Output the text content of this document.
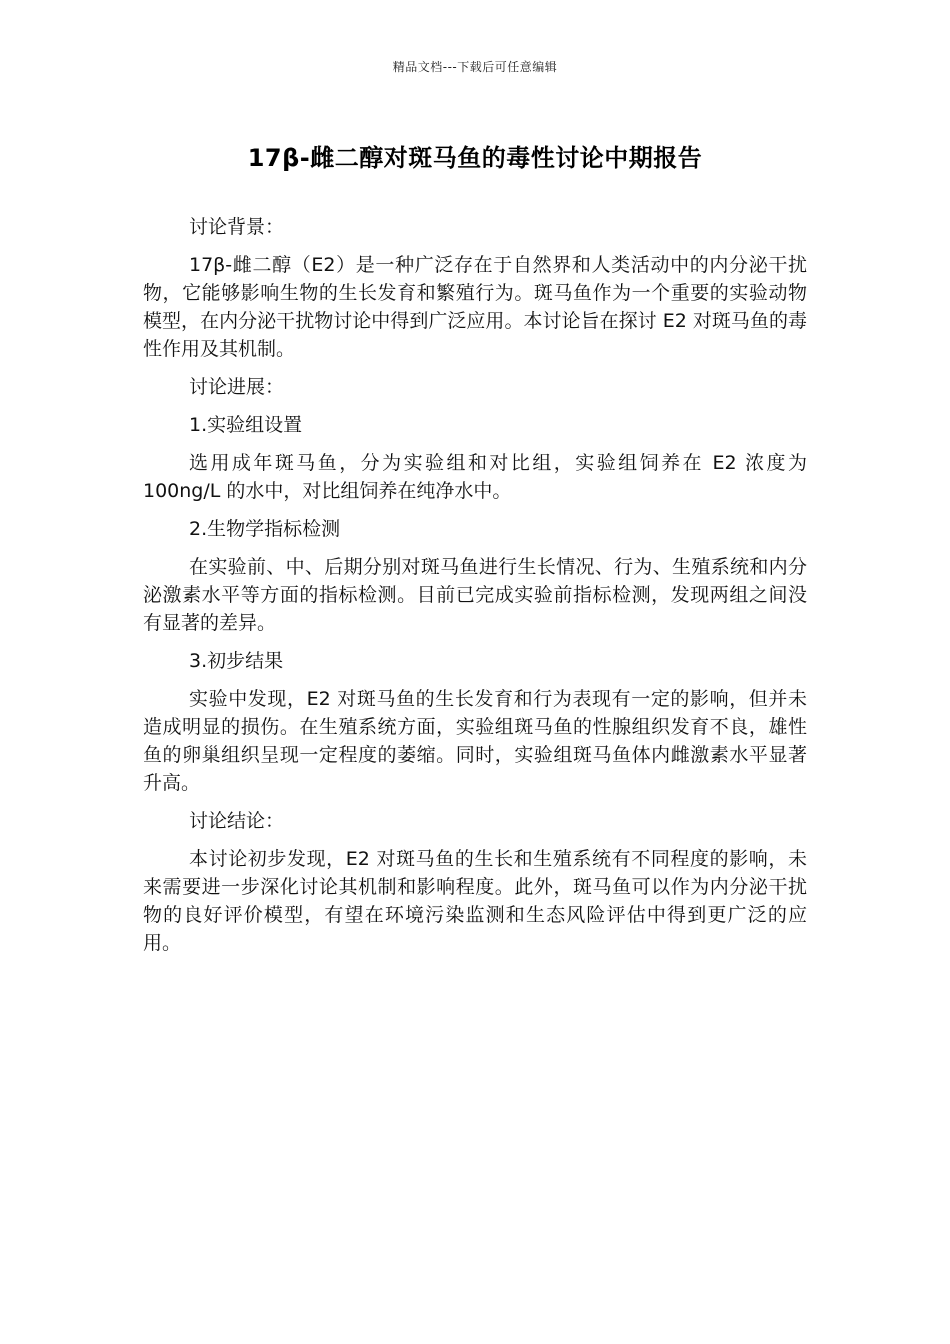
精品文档---下载后可任意编辑
17β-雌二醇对斑马鱼的毒性讨论中期报告

讨论背景：

17β-雌二醇（E2）是一种广泛存在于自然界和人类活动中的内分泌干扰物，它能够影响生物的生长发育和繁殖行为。斑马鱼作为一个重要的实验动物模型，在内分泌干扰物讨论中得到广泛应用。本讨论旨在探讨 E2 对斑马鱼的毒性作用及其机制。

讨论进展：

1.实验组设置

选用成年斑马鱼，分为实验组和对比组，实验组饲养在 E2 浓度为 100ng/L 的水中，对比组饲养在纯净水中。

2.生物学指标检测

在实验前、中、后期分别对斑马鱼进行生长情况、行为、生殖系统和内分泌激素水平等方面的指标检测。目前已完成实验前指标检测，发现两组之间没有显著的差异。

3.初步结果

实验中发现，E2 对斑马鱼的生长发育和行为表现有一定的影响，但并未造成明显的损伤。在生殖系统方面，实验组斑马鱼的性腺组织发育不良，雄性鱼的卵巢组织呈现一定程度的萎缩。同时，实验组斑马鱼体内雌激素水平显著升高。

讨论结论：

本讨论初步发现，E2 对斑马鱼的生长和生殖系统有不同程度的影响，未来需要进一步深化讨论其机制和影响程度。此外，斑马鱼可以作为内分泌干扰物的良好评价模型，有望在环境污染监测和生态风险评估中得到更广泛的应用。
